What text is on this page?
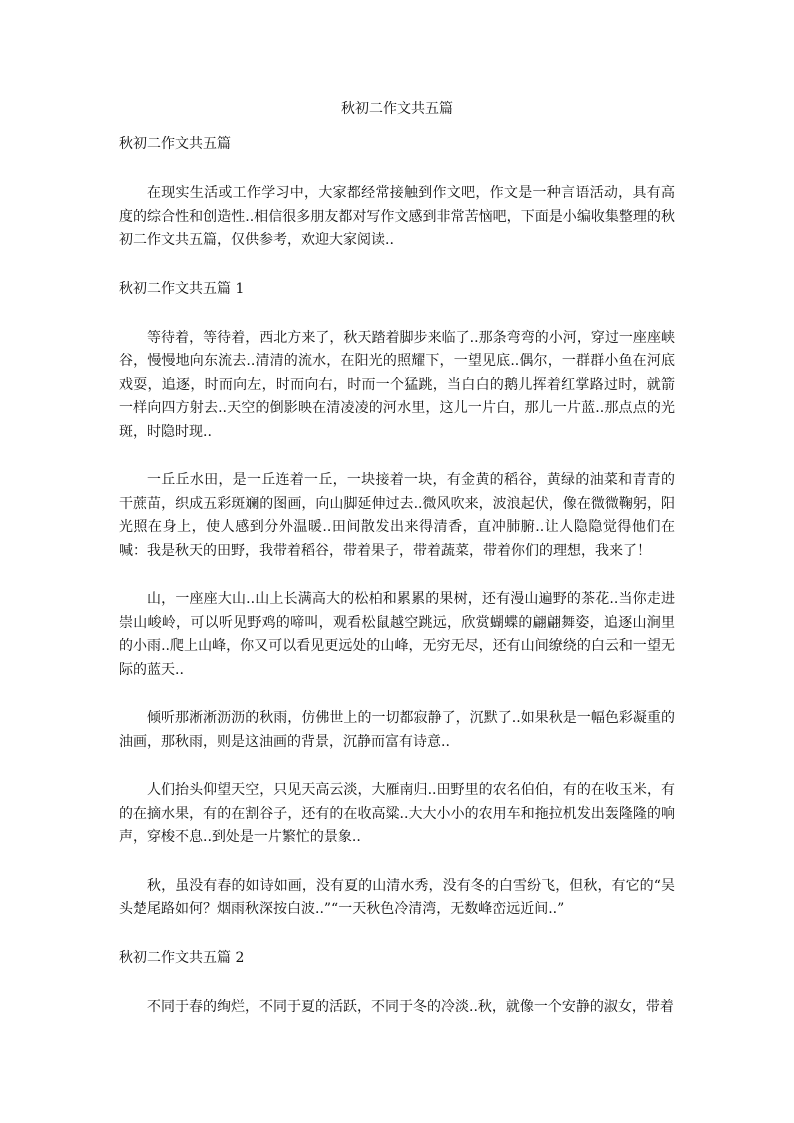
秋初二作文共五篇

秋初二作文共五篇

在现实生活或工作学习中，大家都经常接触到作文吧，作文是一种言语活动，具有高度的综合性和创造性..相信很多朋友都对写作文感到非常苦恼吧，下面是小编收集整理的秋初二作文共五篇，仅供参考，欢迎大家阅读..

秋初二作文共五篇 1

等待着，等待着，西北方来了，秋天踏着脚步来临了..那条弯弯的小河，穿过一座座峡谷，慢慢地向东流去..清清的流水，在阳光的照耀下，一望见底..偶尔，一群群小鱼在河底戏耍，追逐，时而向左，时而向右，时而一个猛跳，当白白的鹅儿挥着红掌路过时，就箭一样向四方射去..天空的倒影映在清凌凌的河水里，这儿一片白，那儿一片蓝..那点点的光斑，时隐时现..

一丘丘水田，是一丘连着一丘，一块接着一块，有金黄的稻谷，黄绿的油菜和青青的干蔗苗，织成五彩斑斓的图画，向山脚延伸过去..微风吹来，波浪起伏，像在微微鞠躬，阳光照在身上，使人感到分外温暖..田间散发出来得清香，直冲肺腑..让人隐隐觉得他们在喊：我是秋天的田野，我带着稻谷，带着果子，带着蔬菜，带着你们的理想，我来了！

山，一座座大山..山上长满高大的松柏和累累的果树，还有漫山遍野的茶花..当你走进崇山峻岭，可以听见野鸡的啼叫，观看松鼠越空跳远，欣赏蝴蝶的翩翩舞姿，追逐山涧里的小雨..爬上山峰，你又可以看见更远处的山峰，无穷无尽，还有山间缭绕的白云和一望无际的蓝天..

倾听那淅淅沥沥的秋雨，仿佛世上的一切都寂静了，沉默了..如果秋是一幅色彩凝重的油画，那秋雨，则是这油画的背景，沉静而富有诗意..

人们抬头仰望天空，只见天高云淡，大雁南归..田野里的农名伯伯，有的在收玉米，有的在摘水果，有的在割谷子，还有的在收高粱..大大小小的农用车和拖拉机发出轰隆隆的响声，穿梭不息..到处是一片繁忙的景象..

秋，虽没有春的如诗如画，没有夏的山清水秀，没有冬的白雪纷飞，但秋，有它的“吴头楚尾路如何？烟雨秋深按白波..”“一天秋色冷清湾，无数峰峦远近间..”

秋初二作文共五篇 2

不同于春的绚烂，不同于夏的活跃，不同于冬的冷淡..秋，就像一个安静的淑女，带着
